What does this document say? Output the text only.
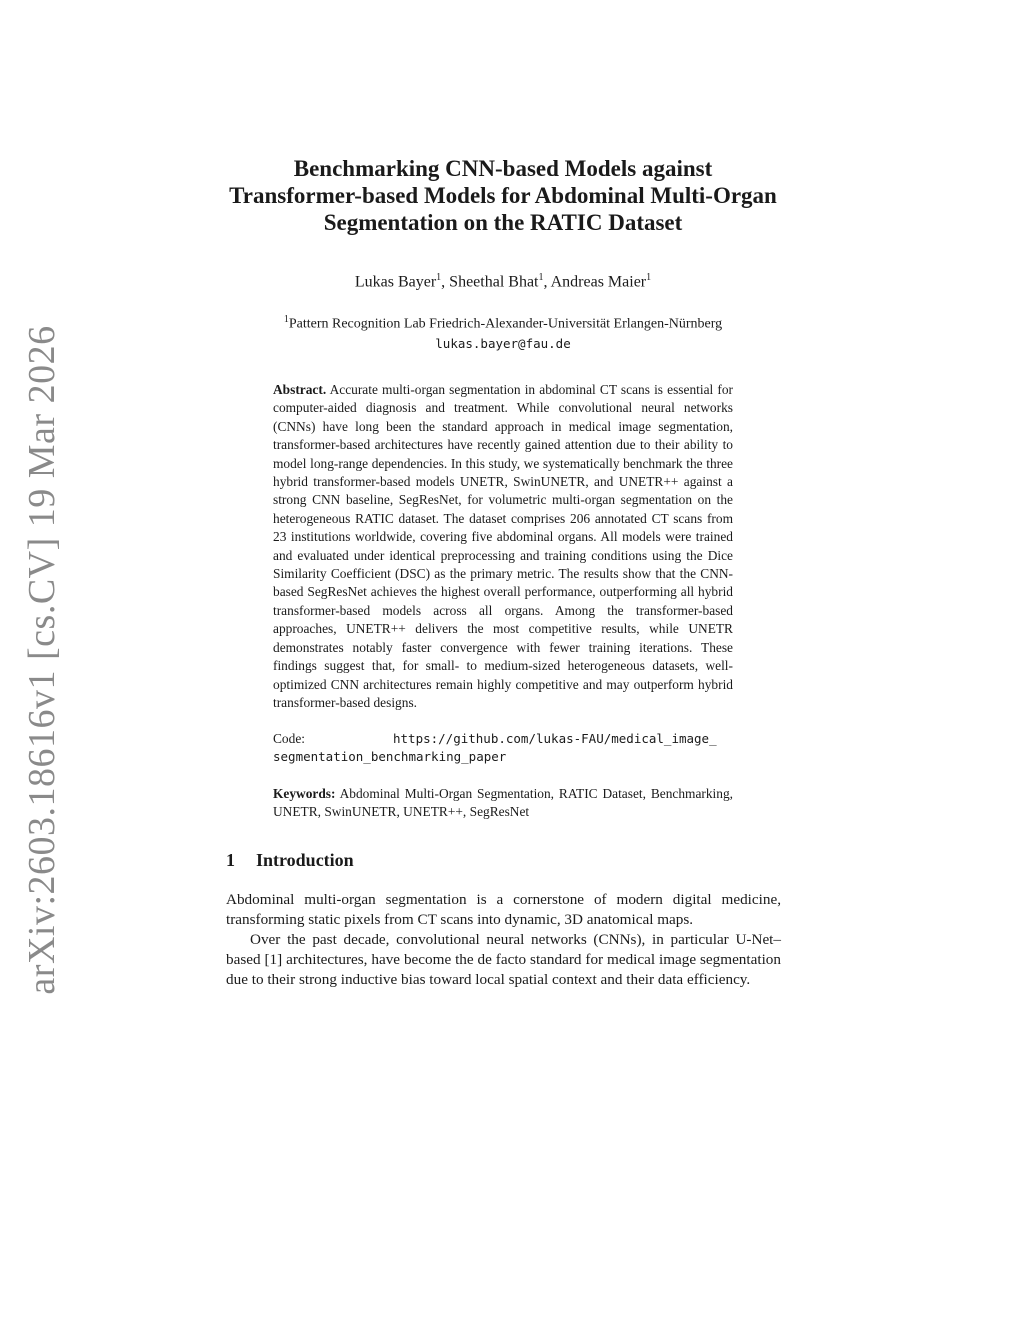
arXiv:2603.18616v1 [cs.CV] 19 Mar 2026
Benchmarking CNN-based Models against
Transformer-based Models for Abdominal Multi-Organ
Segmentation on the RATIC Dataset
Lukas Bayer$^1$, Sheethal Bhat$^1$, Andreas Maier$^1$
$^1$Pattern Recognition Lab Friedrich-Alexander-Universität Erlangen-Nürnberg
lukas.bayer@fau.de
Abstract. Accurate multi-organ segmentation in abdominal CT scans is essential for computer-aided diagnosis and treatment. While convolutional neural networks (CNNs) have long been the standard approach in medical image segmentation, transformer-based architectures have recently gained attention due to their ability to model long-range dependencies. In this study, we systematically benchmark the three hybrid transformer-based models UNETR, SwinUNETR, and UNETR++ against a strong CNN baseline, SegResNet, for volumetric multi-organ segmentation on the heterogeneous RATIC dataset. The dataset comprises 206 annotated CT scans from 23 institutions worldwide, covering five abdominal organs. All models were trained and evaluated under identical preprocessing and training conditions using the Dice Similarity Coefficient (DSC) as the primary metric. The results show that the CNN-based SegResNet achieves the highest overall performance, outperforming all hybrid transformer-based models across all organs. Among the transformer-based approaches, UNETR++ delivers the most competitive results, while UNETR demonstrates notably faster convergence with fewer training iterations. These findings suggest that, for small- to medium-sized heterogeneous datasets, well-optimized CNN architectures remain highly competitive and may outperform hybrid transformer-based designs.
Code:	https://github.com/lukas-FAU/medical_image_
segmentation_benchmarking_paper
Keywords: Abdominal Multi-Organ Segmentation, RATIC Dataset, Benchmarking, UNETR, SwinUNETR, UNETR++, SegResNet
1 Introduction

Abdominal multi-organ segmentation is a cornerstone of modern digital medicine, transforming static pixels from CT scans into dynamic, 3D anatomical maps.

Over the past decade, convolutional neural networks (CNNs), in particular U-Net–based [1] architectures, have become the de facto standard for medical image segmentation due to their strong inductive bias toward local spatial context and their data efficiency.
